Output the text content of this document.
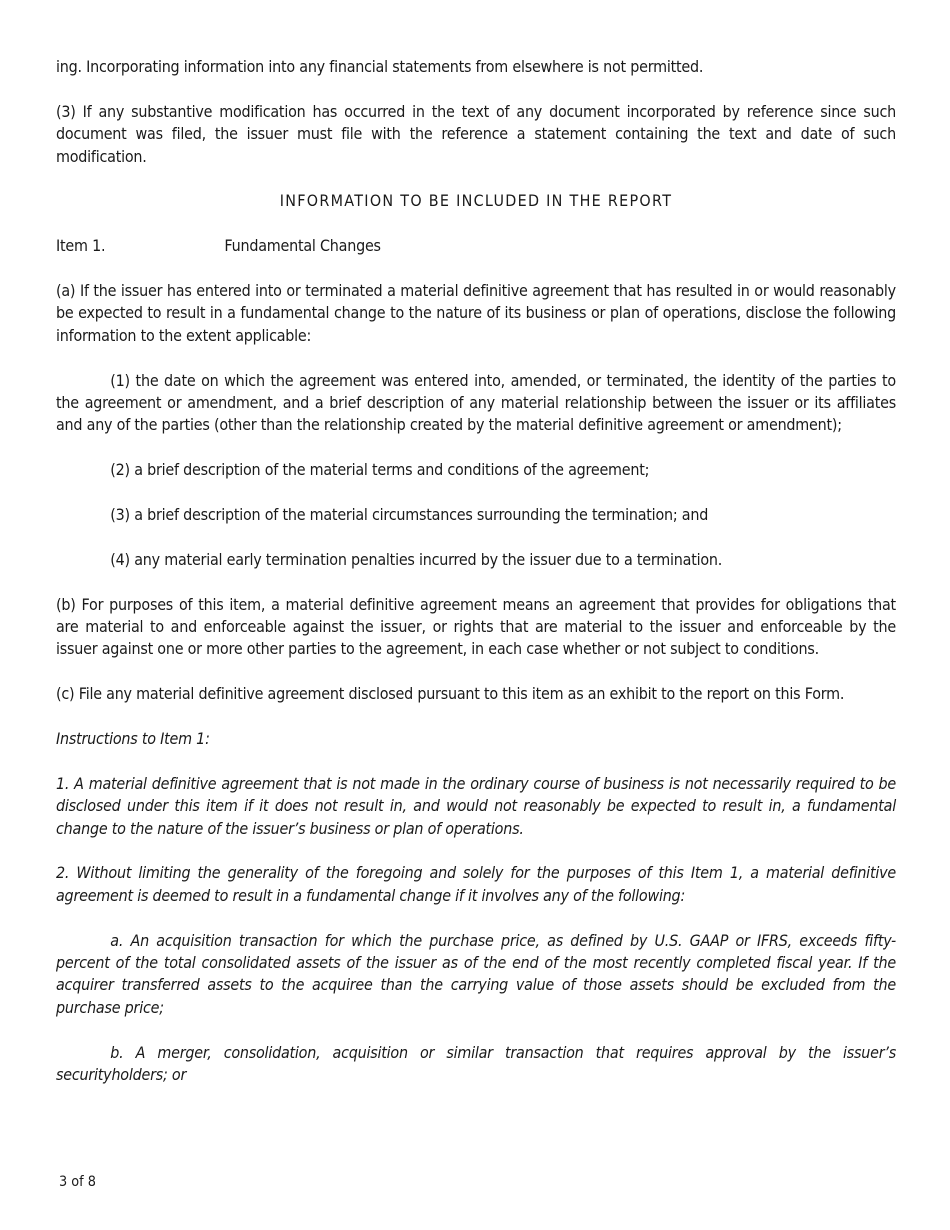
ing. Incorporating information into any financial statements from elsewhere is not permitted.

(3) If any substantive modification has occurred in the text of any document incorporated by reference since such document was filed, the issuer must file with the reference a statement containing the text and date of such modification.

INFORMATION TO BE INCLUDED IN THE REPORT

Item 1.	Fundamental Changes

(a) If the issuer has entered into or terminated a material definitive agreement that has resulted in or would reasonably be expected to result in a fundamental change to the nature of its business or plan of operations, disclose the following information to the extent applicable:

(1) the date on which the agreement was entered into, amended, or terminated, the identity of the parties to the agreement or amendment, and a brief description of any material relationship between the issuer or its affiliates and any of the parties (other than the relationship created by the material definitive agreement or amendment);

(2) a brief description of the material terms and conditions of the agreement;

(3) a brief description of the material circumstances surrounding the termination; and

(4) any material early termination penalties incurred by the issuer due to a termination.

(b) For purposes of this item, a material definitive agreement means an agreement that provides for obligations that are material to and enforceable against the issuer, or rights that are material to the issuer and enforceable by the issuer against one or more other parties to the agreement, in each case whether or not subject to conditions.

(c) File any material definitive agreement disclosed pursuant to this item as an exhibit to the report on this Form.

Instructions to Item 1:

1. A material definitive agreement that is not made in the ordinary course of business is not necessarily required to be disclosed under this item if it does not result in, and would not reasonably be expected to result in, a fundamental change to the nature of the issuer’s business or plan of operations.

2. Without limiting the generality of the foregoing and solely for the purposes of this Item 1, a material definitive agreement is deemed to result in a fundamental change if it involves any of the following:

a. An acquisition transaction for which the purchase price, as defined by U.S. GAAP or IFRS, exceeds fifty-percent of the total consolidated assets of the issuer as of the end of the most recently completed fiscal year. If the acquirer transferred assets to the acquiree than the carrying value of those assets should be excluded from the purchase price;

b. A merger, consolidation, acquisition or similar transaction that requires approval by the issuer’s securityholders; or

3 of 8
